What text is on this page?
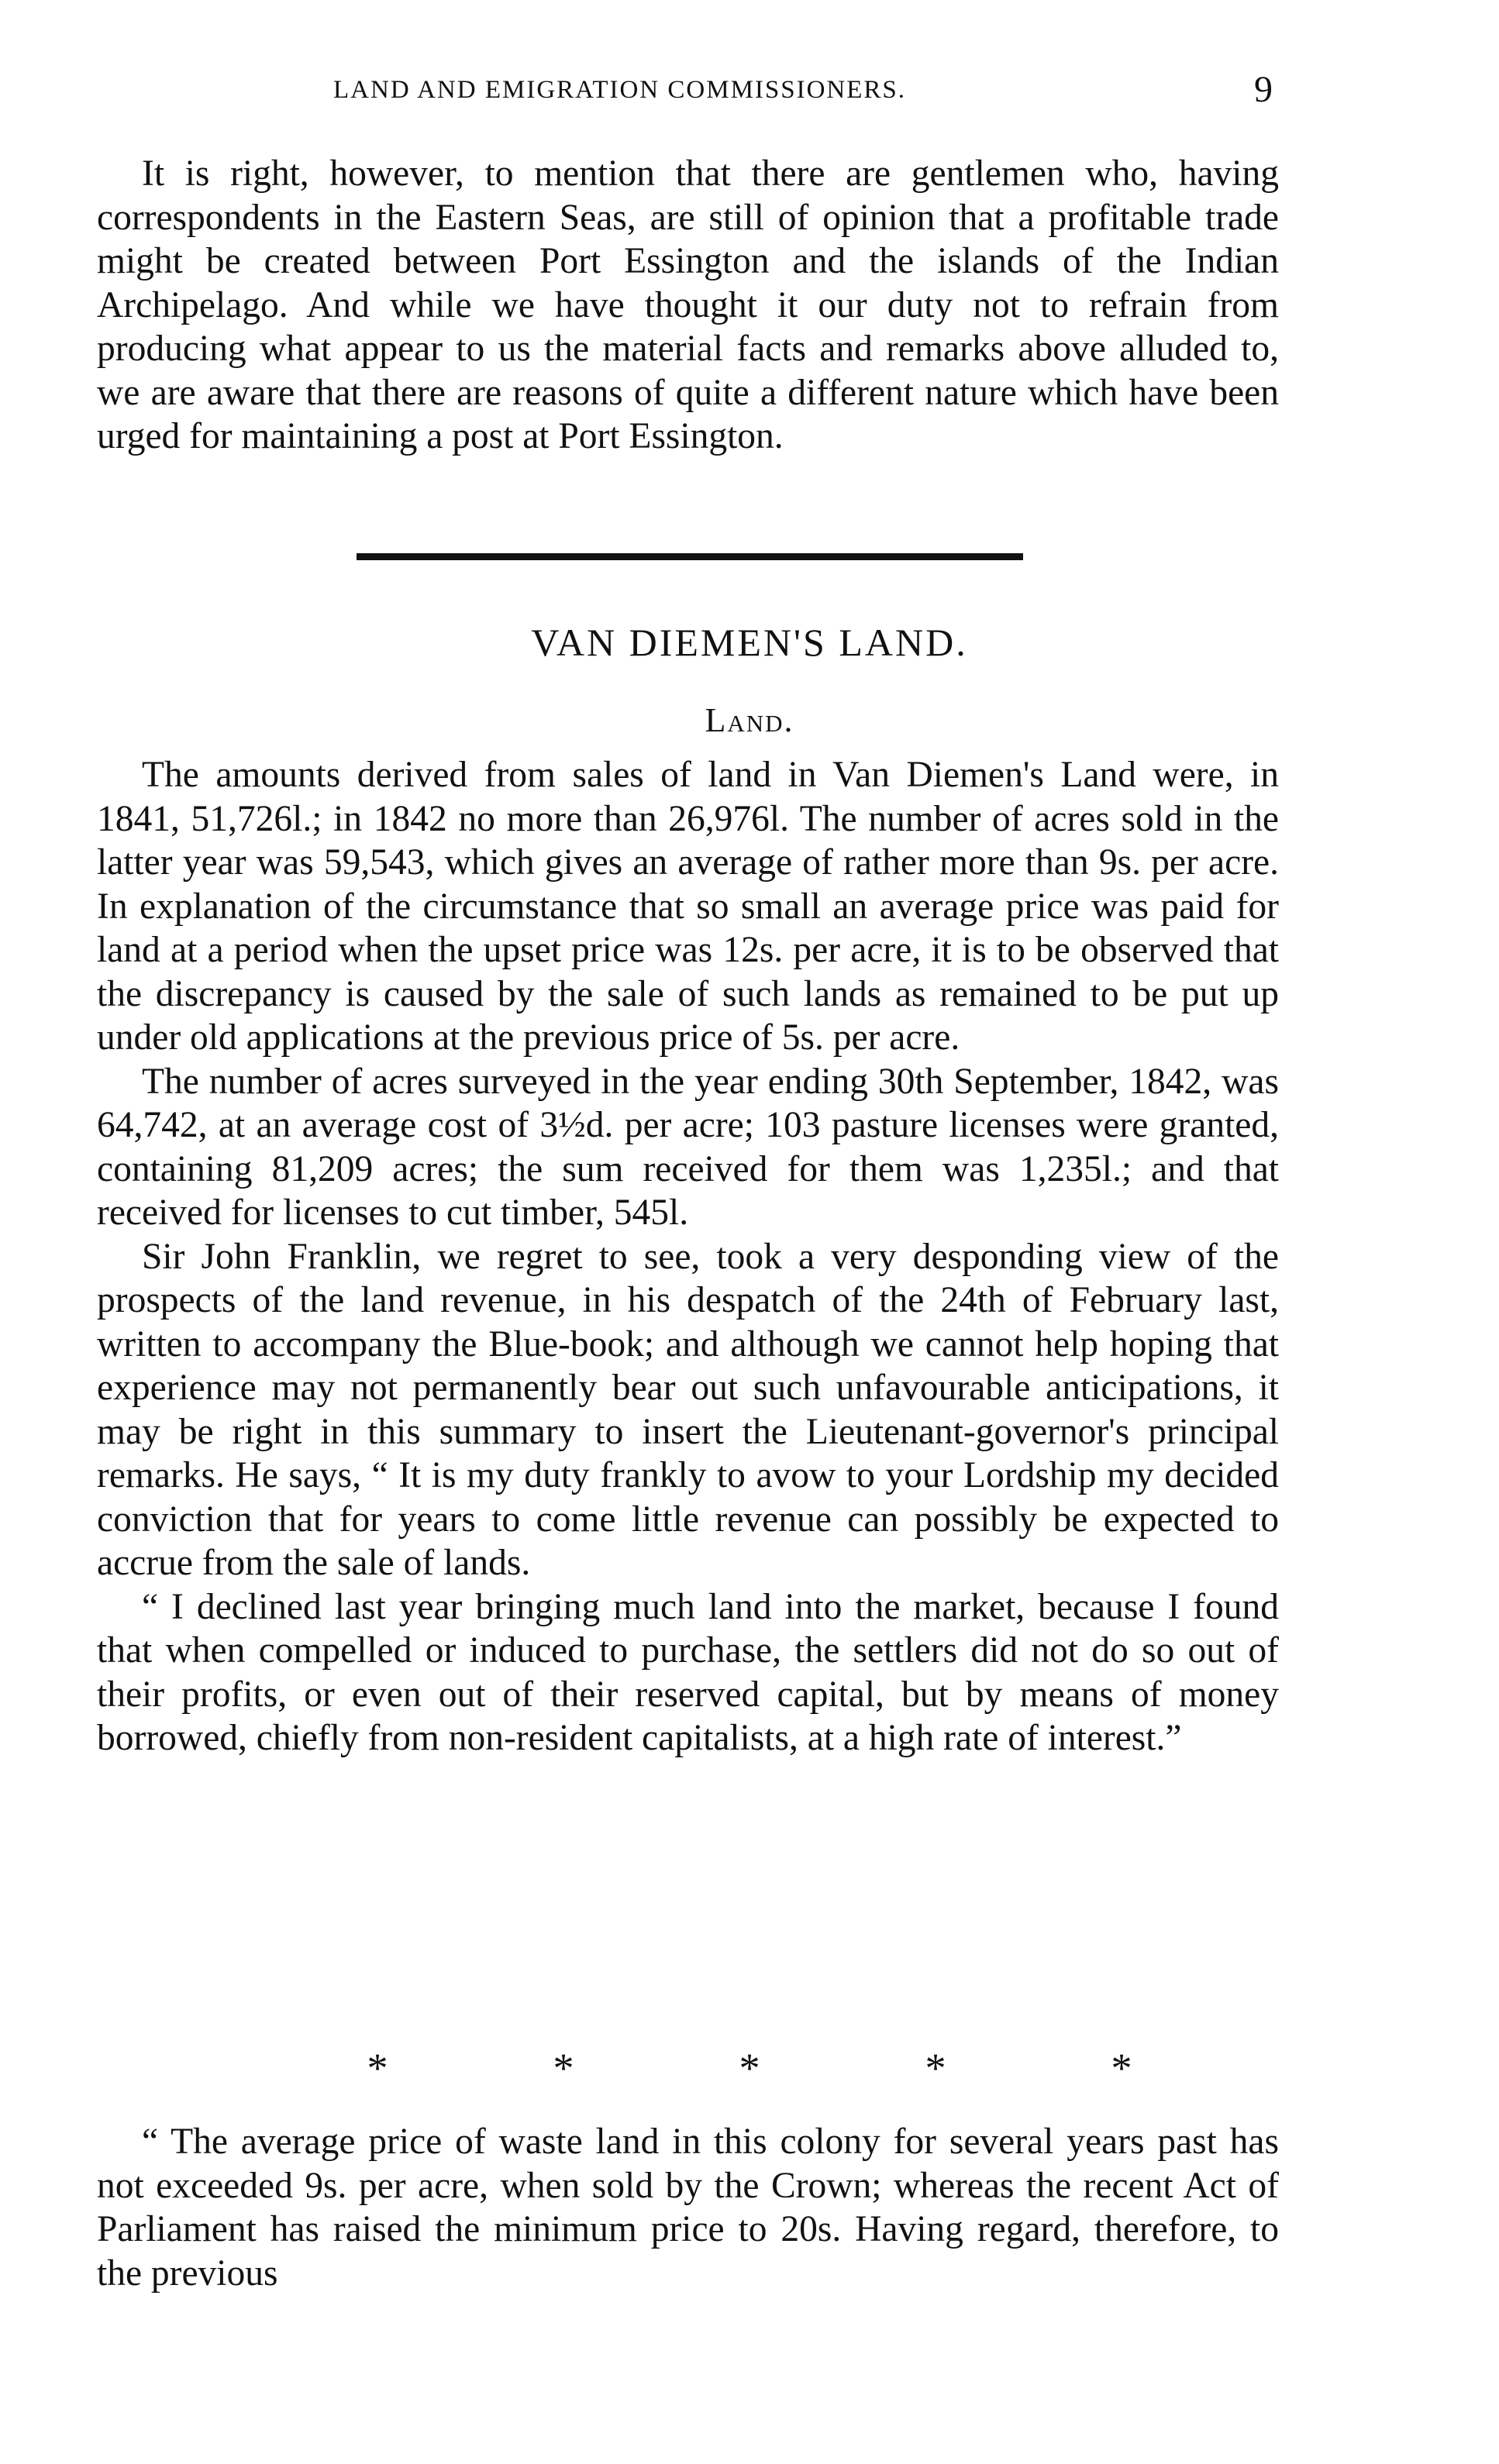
LAND AND EMIGRATION COMMISSIONERS.	9

It is right, however, to mention that there are gentlemen who, having correspondents in the Eastern Seas, are still of opinion that a profitable trade might be created between Port Essington and the islands of the Indian Archipelago. And while we have thought it our duty not to refrain from producing what appear to us the material facts and remarks above alluded to, we are aware that there are reasons of quite a different nature which have been urged for maintaining a post at Port Essington.

VAN DIEMEN'S LAND.
Land.

The amounts derived from sales of land in Van Diemen's Land were, in 1841, 51,726l.; in 1842 no more than 26,976l. The number of acres sold in the latter year was 59,543, which gives an average of rather more than 9s. per acre. In explanation of the circumstance that so small an average price was paid for land at a period when the upset price was 12s. per acre, it is to be observed that the discrepancy is caused by the sale of such lands as remained to be put up under old applications at the previous price of 5s. per acre.

The number of acres surveyed in the year ending 30th September, 1842, was 64,742, at an average cost of 3½d. per acre; 103 pasture licenses were granted, containing 81,209 acres; the sum received for them was 1,235l.; and that received for licenses to cut timber, 545l.

Sir John Franklin, we regret to see, took a very desponding view of the prospects of the land revenue, in his despatch of the 24th of February last, written to accompany the Blue-book; and although we cannot help hoping that experience may not permanently bear out such unfavourable anticipations, it may be right in this summary to insert the Lieutenant-governor's principal remarks. He says, “ It is my duty frankly to avow to your Lordship my decided conviction that for years to come little revenue can possibly be expected to accrue from the sale of lands.

“ I declined last year bringing much land into the market, because I found that when compelled or induced to purchase, the settlers did not do so out of their profits, or even out of their reserved capital, but by means of money borrowed, chiefly from non-resident capitalists, at a high rate of interest.”

*	*	*	*	*

“ The average price of waste land in this colony for several years past has not exceeded 9s. per acre, when sold by the Crown; whereas the recent Act of Parliament has raised the minimum price to 20s. Having regard, therefore, to the previous
